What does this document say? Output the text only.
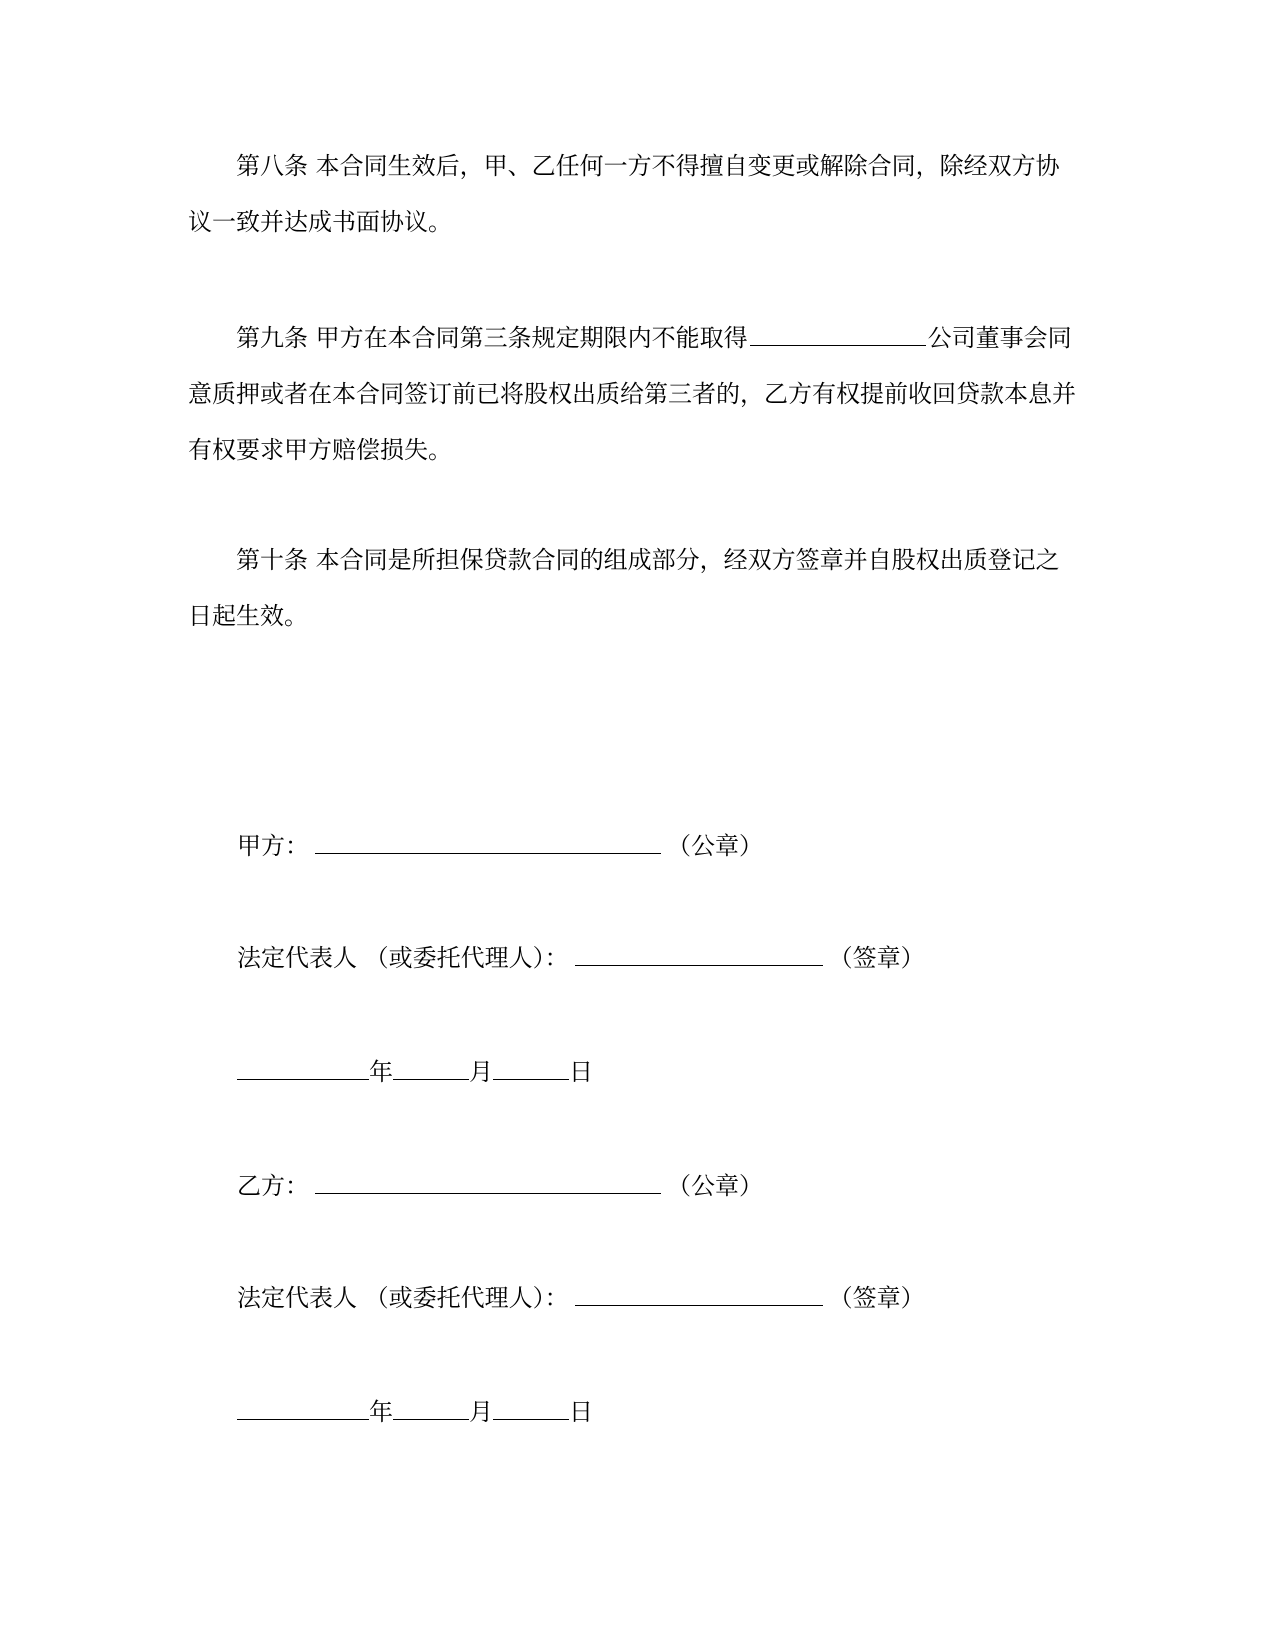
第八条 本合同生效后，甲、乙任何一方不得擅自变更或解除合同，除经双方协议一致并达成书面协议。

第九条 甲方在本合同第三条规定期限内不能取得	公司董事会同意质押或者在本合同签订前已将股权出质给第三者的，乙方有权提前收回贷款本息并有权要求甲方赔偿损失。

第十条 本合同是所担保贷款合同的组成部分，经双方签章并自股权出质登记之日起生效。

甲方：	（公章）
法定代表人 （或委托代理人）：	（签章）
年	月	日
乙方：	（公章）
法定代表人 （或委托代理人）：	（签章）
年	月	日
